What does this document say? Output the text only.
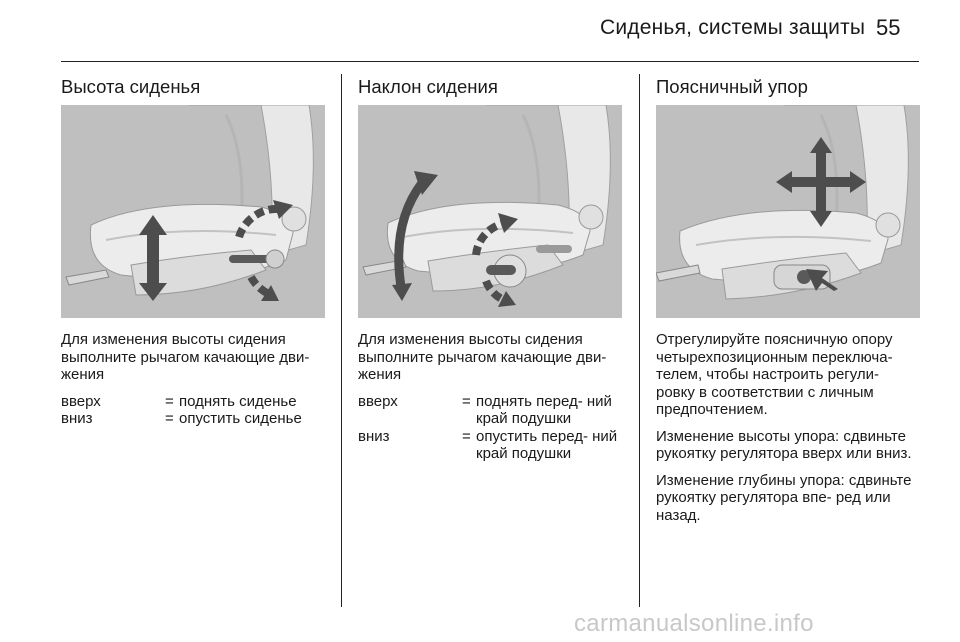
Сиденья, системы защиты 55
Высота сиденья

Для изменения высоты сидения выполните рычагом качающие дви- жения

вверх	=	поднять сиденье
вниз	=	опустить сиденье
Наклон сидения

Для изменения высоты сидения выполните рычагом качающие дви- жения

вверх	=	поднять перед- ний край подушки
вниз	=	опустить перед- ний край подушки
Поясничный упор

Отрегулируйте поясничную опору четырехпозиционным переключа- телем, чтобы настроить регули- ровку в соответствии с личным предпочтением.

Изменение высоты упора: сдвиньте рукоятку регулятора вверх или вниз.

Изменение глубины упора: сдвиньте рукоятку регулятора впе- ред или назад.

carmanualsonline.info
